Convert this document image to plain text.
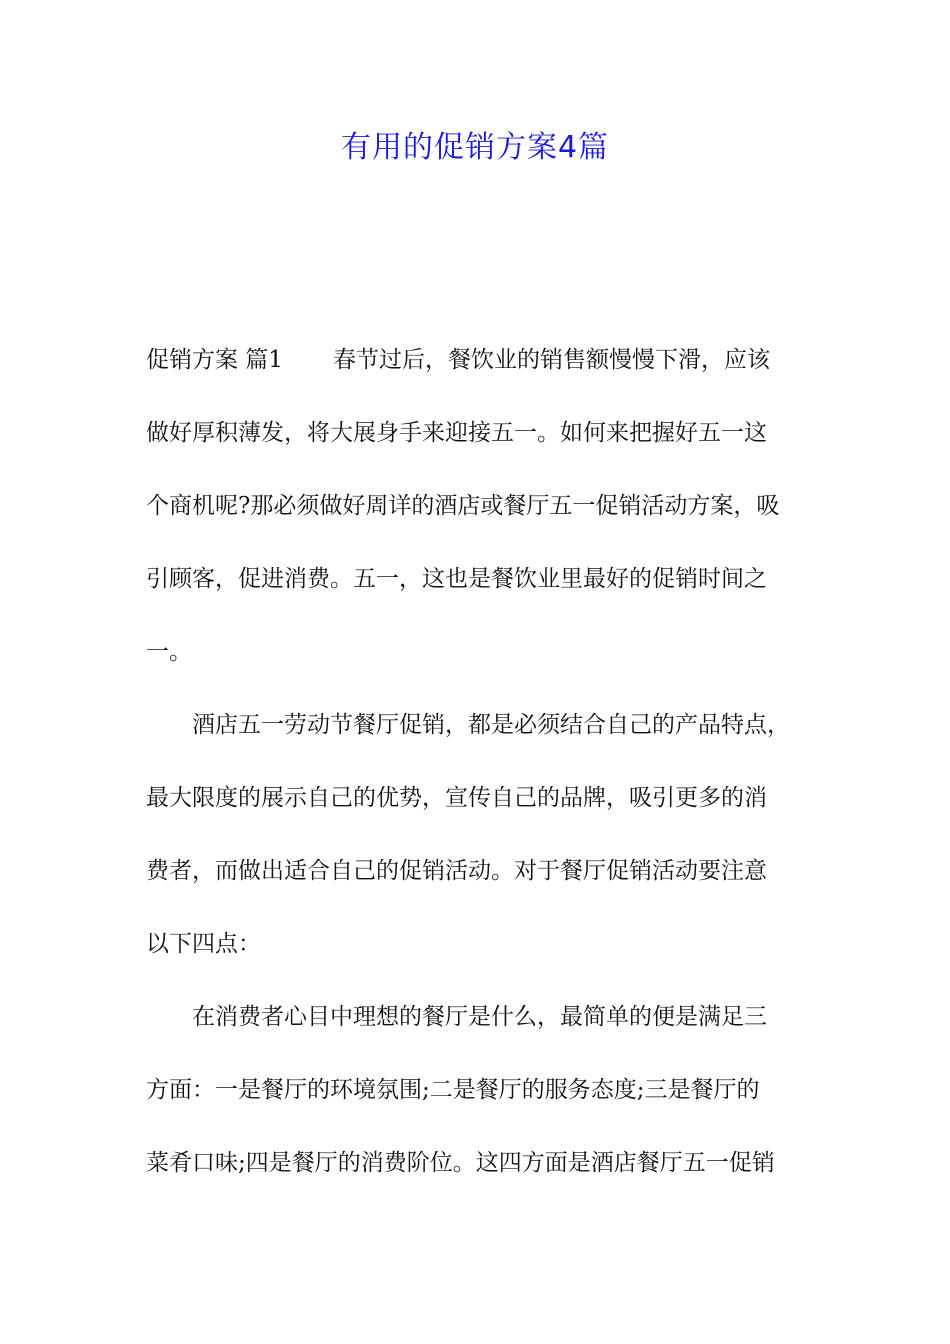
有用的促销方案4篇
促销方案 篇1 春节过后，餐饮业的销售额慢慢下滑，应该
做好厚积薄发，将大展身手来迎接五一。如何来把握好五一这
个商机呢?那必须做好周详的酒店或餐厅五一促销活动方案，吸
引顾客，促进消费。五一，这也是餐饮业里最好的促销时间之
一。
酒店五一劳动节餐厅促销，都是必须结合自己的产品特点，
最大限度的展示自己的优势，宣传自己的品牌，吸引更多的消
费者，而做出适合自己的促销活动。对于餐厅促销活动要注意
以下四点：
在消费者心目中理想的餐厅是什么，最简单的便是满足三
方面：一是餐厅的环境氛围;二是餐厅的服务态度;三是餐厅的
菜肴口味;四是餐厅的消费阶位。这四方面是酒店餐厅五一促销
